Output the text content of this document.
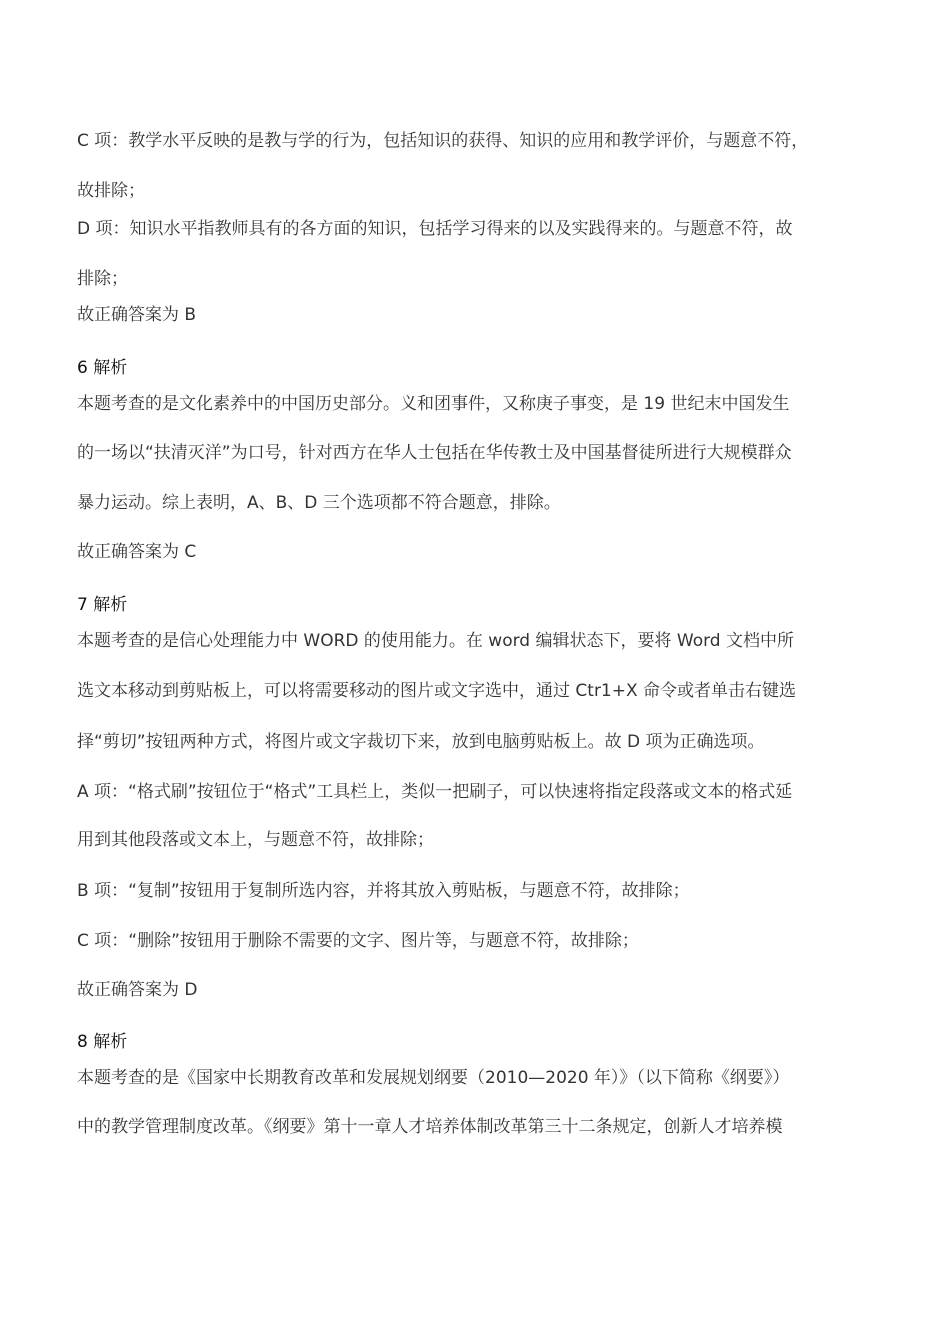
C 项：教学水平反映的是教与学的行为，包括知识的获得、知识的应用和教学评价，与题意不符，
故排除；
D 项：知识水平指教师具有的各方面的知识，包括学习得来的以及实践得来的。与题意不符，故
排除；
故正确答案为 B
6 解析
本题考查的是文化素养中的中国历史部分。义和团事件，又称庚子事变，是 19 世纪末中国发生
的一场以“扶清灭洋”为口号，针对西方在华人士包括在华传教士及中国基督徒所进行大规模群众
暴力运动。综上表明，A、B、D 三个选项都不符合题意，排除。
故正确答案为 C
7 解析
本题考查的是信心处理能力中 WORD 的使用能力。在 word 编辑状态下，要将 Word 文档中所
选文本移动到剪贴板上，可以将需要移动的图片或文字选中，通过 Ctr1+X 命令或者单击右键选
择“剪切”按钮两种方式，将图片或文字裁切下来，放到电脑剪贴板上。故 D 项为正确选项。
A 项：“格式刷”按钮位于“格式”工具栏上，类似一把刷子，可以快速将指定段落或文本的格式延
用到其他段落或文本上，与题意不符，故排除；
B 项：“复制”按钮用于复制所选内容，并将其放入剪贴板，与题意不符，故排除；
C 项：“删除”按钮用于删除不需要的文字、图片等，与题意不符，故排除；
故正确答案为 D
8 解析
本题考查的是《国家中长期教育改革和发展规划纲要（2010—2020 年）》（以下简称《纲要》）
中的教学管理制度改革。《纲要》第十一章人才培养体制改革第三十二条规定，创新人才培养模
